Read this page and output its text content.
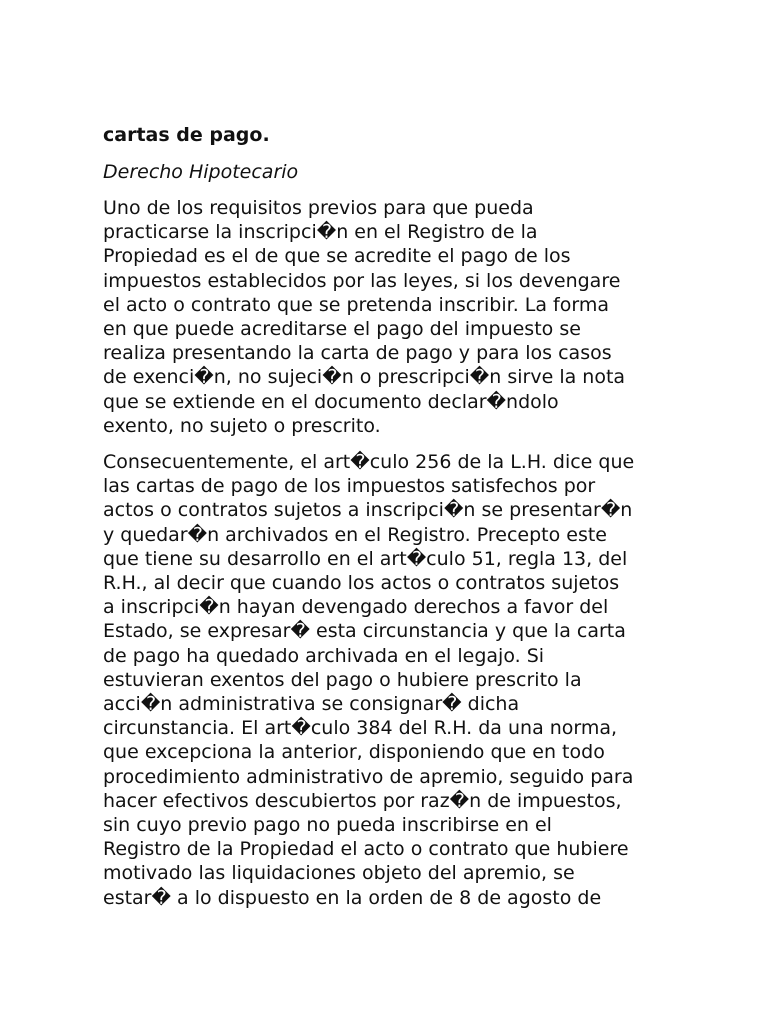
cartas de pago.
Derecho Hipotecario
Uno de los requisitos previos para que pueda
practicarse la inscripci�n en el Registro de la
Propiedad es el de que se acredite el pago de los
impuestos establecidos por las leyes, si los devengare
el acto o contrato que se pretenda inscribir. La forma
en que puede acreditarse el pago del impuesto se
realiza presentando la carta de pago y para los casos
de exenci�n, no sujeci�n o prescripci�n sirve la nota
que se extiende en el documento declar�ndolo
exento, no sujeto o prescrito.
Consecuentemente, el art�culo 256 de la L.H. dice que
las cartas de pago de los impuestos satisfechos por
actos o contratos sujetos a inscripci�n se presentar�n
y quedar�n archivados en el Registro. Precepto este
que tiene su desarrollo en el art�culo 51, regla 13, del
R.H., al decir que cuando los actos o contratos sujetos
a inscripci�n hayan devengado derechos a favor del
Estado, se expresar� esta circunstancia y que la carta
de pago ha quedado archivada en el legajo. Si
estuvieran exentos del pago o hubiere prescrito la
acci�n administrativa se consignar� dicha
circunstancia. El art�culo 384 del R.H. da una norma,
que excepciona la anterior, disponiendo que en todo
procedimiento administrativo de apremio, seguido para
hacer efectivos descubiertos por raz�n de impuestos,
sin cuyo previo pago no pueda inscribirse en el
Registro de la Propiedad el acto o contrato que hubiere
motivado las liquidaciones objeto del apremio, se
estar� a lo dispuesto en la orden de 8 de agosto de
